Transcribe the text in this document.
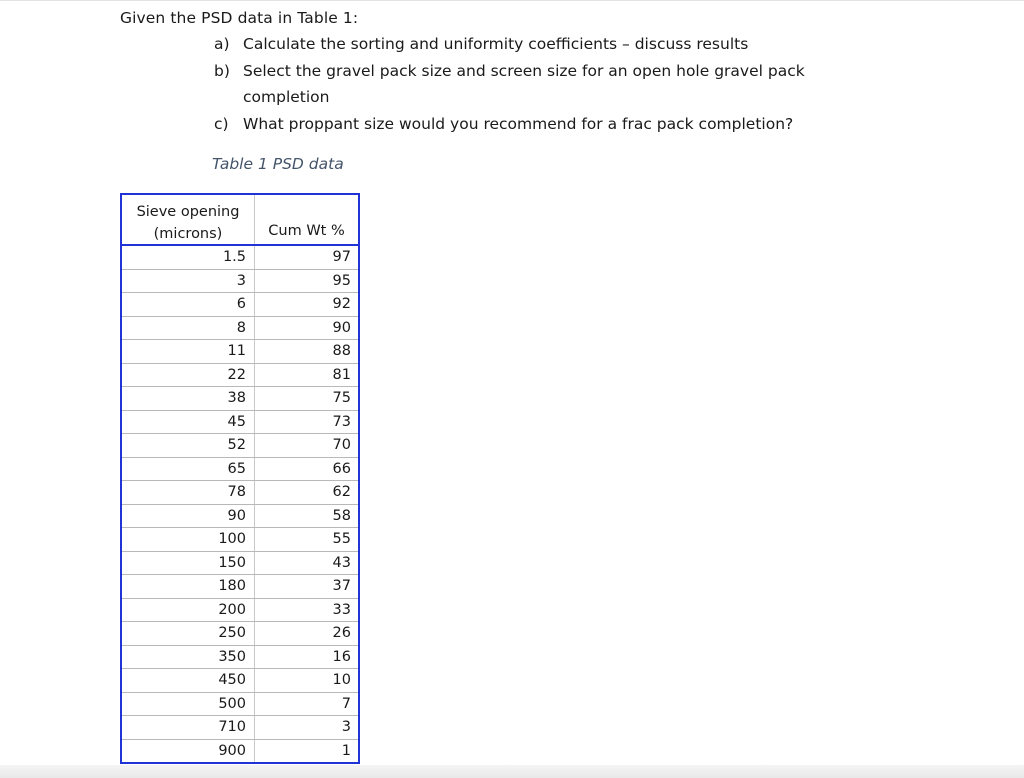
Given the PSD data in Table 1:
a) Calculate the sorting and uniformity coefficients – discuss results
b) Select the gravel pack size and screen size for an open hole gravel pack
completion
c) What proppant size would you recommend for a frac pack completion?
Table 1 PSD data
Sieve opening
(microns)	Cum Wt %
1.5	97
3	95
6	92
8	90
11	88
22	81
38	75
45	73
52	70
65	66
78	62
90	58
100	55
150	43
180	37
200	33
250	26
350	16
450	10
500	7
710	3
900	1
